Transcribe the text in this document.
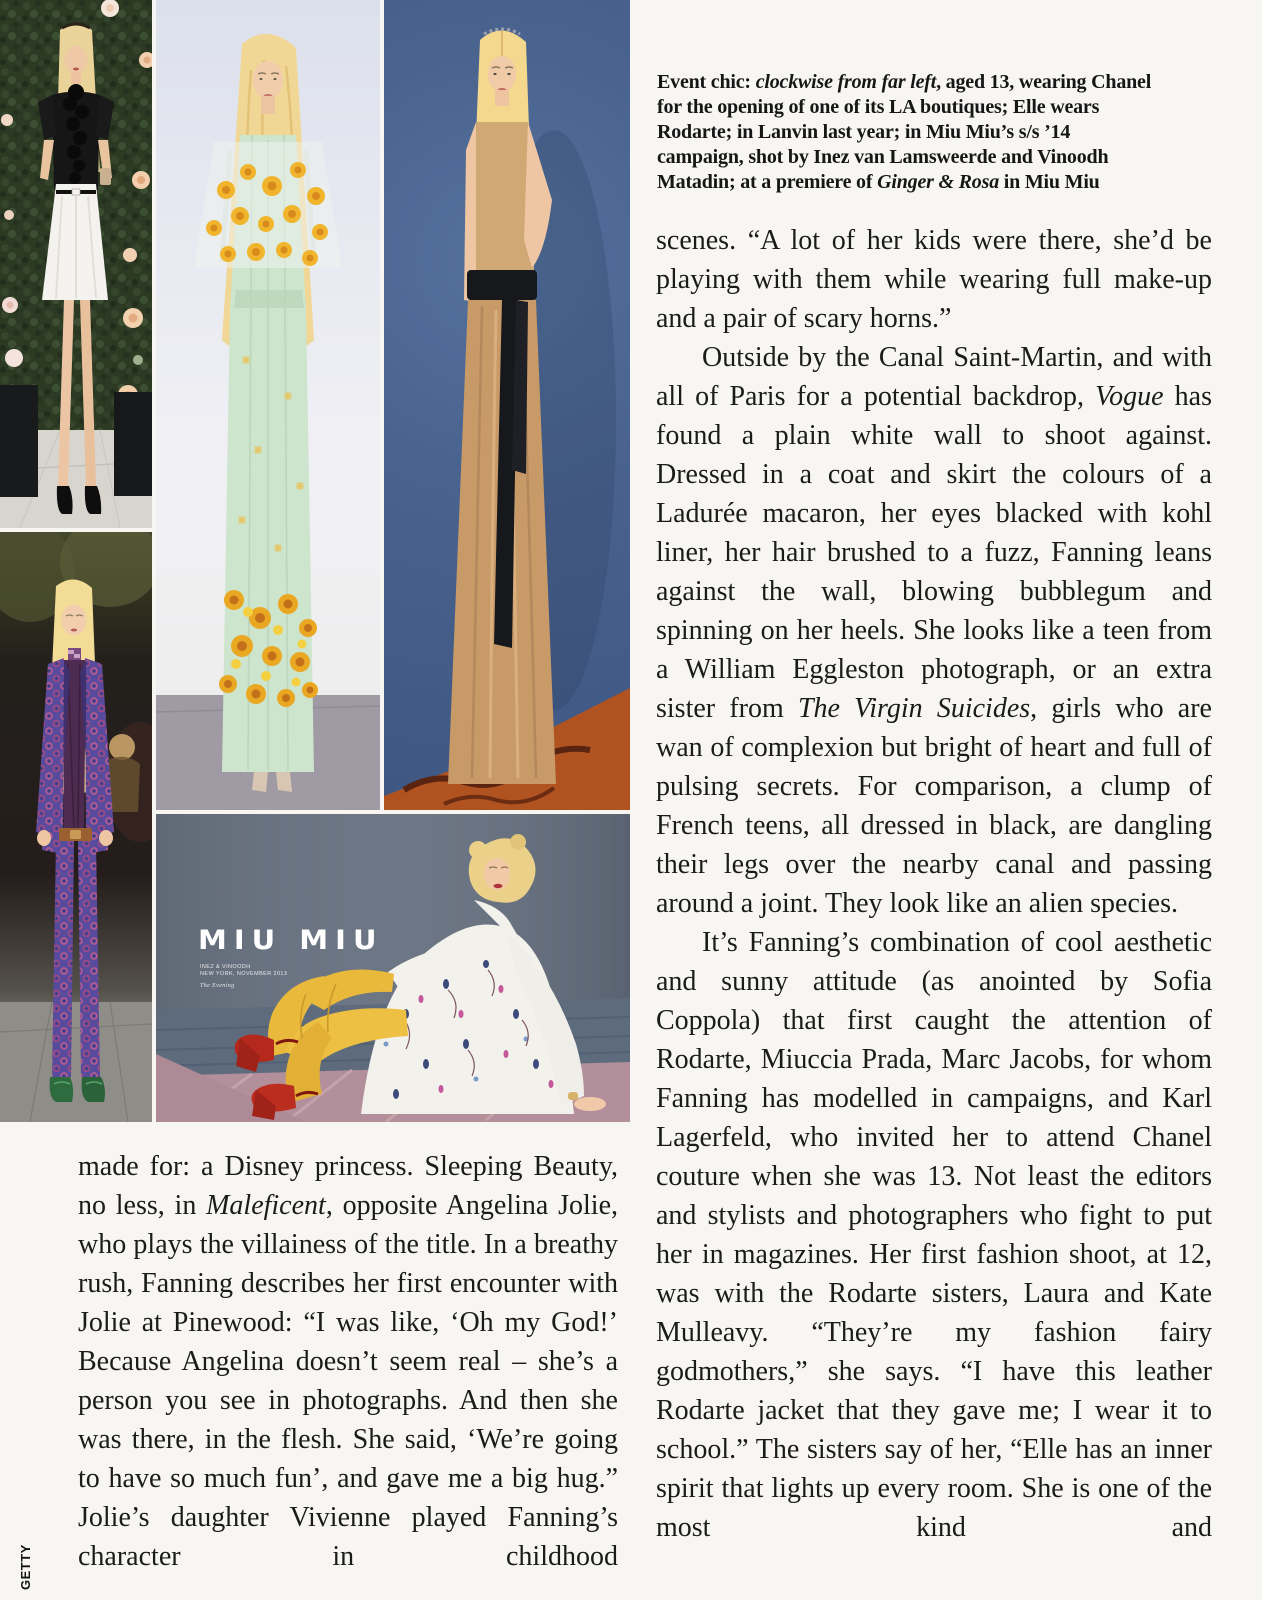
MIU MIU
INEZ & VINOODH
NEW YORK, NOVEMBER 2013
The Evening

Event chic: clockwise from far left, aged 13, wearing Chanel for the opening of one of its LA boutiques; Elle wears Rodarte; in Lanvin last year; in Miu Miu’s s/s ’14 campaign, shot by Inez van Lamsweerde and Vinoodh Matadin; at a premiere of Ginger & Rosa in Miu Miu

scenes. “A lot of her kids were there, she’d be playing with them while wearing full make-up and a pair of scary horns.”

Outside by the Canal Saint-Martin, and with all of Paris for a potential backdrop, Vogue has found a plain white wall to shoot against. Dressed in a coat and skirt the colours of a Ladurée macaron, her eyes blacked with kohl liner, her hair brushed to a fuzz, Fanning leans against the wall, blowing bubblegum and spinning on her heels. She looks like a teen from a William Eggleston photograph, or an extra sister from The Virgin Suicides, girls who are wan of complexion but bright of heart and full of pulsing secrets. For comparison, a clump of French teens, all dressed in black, are dangling their legs over the nearby canal and passing around a joint. They look like an alien species.

It’s Fanning’s combination of cool aesthetic and sunny attitude (as anointed by Sofia Coppola) that first caught the attention of Rodarte, Miuccia Prada, Marc Jacobs, for whom Fanning has modelled in campaigns, and Karl Lagerfeld, who invited her to attend Chanel couture when she was 13. Not least the editors and stylists and photographers who fight to put her in magazines. Her first fashion shoot, at 12, was with the Rodarte sisters, Laura and Kate Mulleavy. “They’re my fashion fairy godmothers,” she says. “I have this leather Rodarte jacket that they gave me; I wear it to school.” The sisters say of her, “Elle has an inner spirit that lights up every room. She is one of the most kind and

made for: a Disney princess. Sleeping Beauty, no less, in Maleficent, opposite Angelina Jolie, who plays the villainess of the title. In a breathy rush, Fanning describes her first encounter with Jolie at Pinewood: “I was like, ‘Oh my God!’ Because Angelina doesn’t seem real – she’s a person you see in photographs. And then she was there, in the flesh. She said, ‘We’re going to have so much fun’, and gave me a big hug.” Jolie’s daughter Vivienne played Fanning’s character in childhood

GETTY
